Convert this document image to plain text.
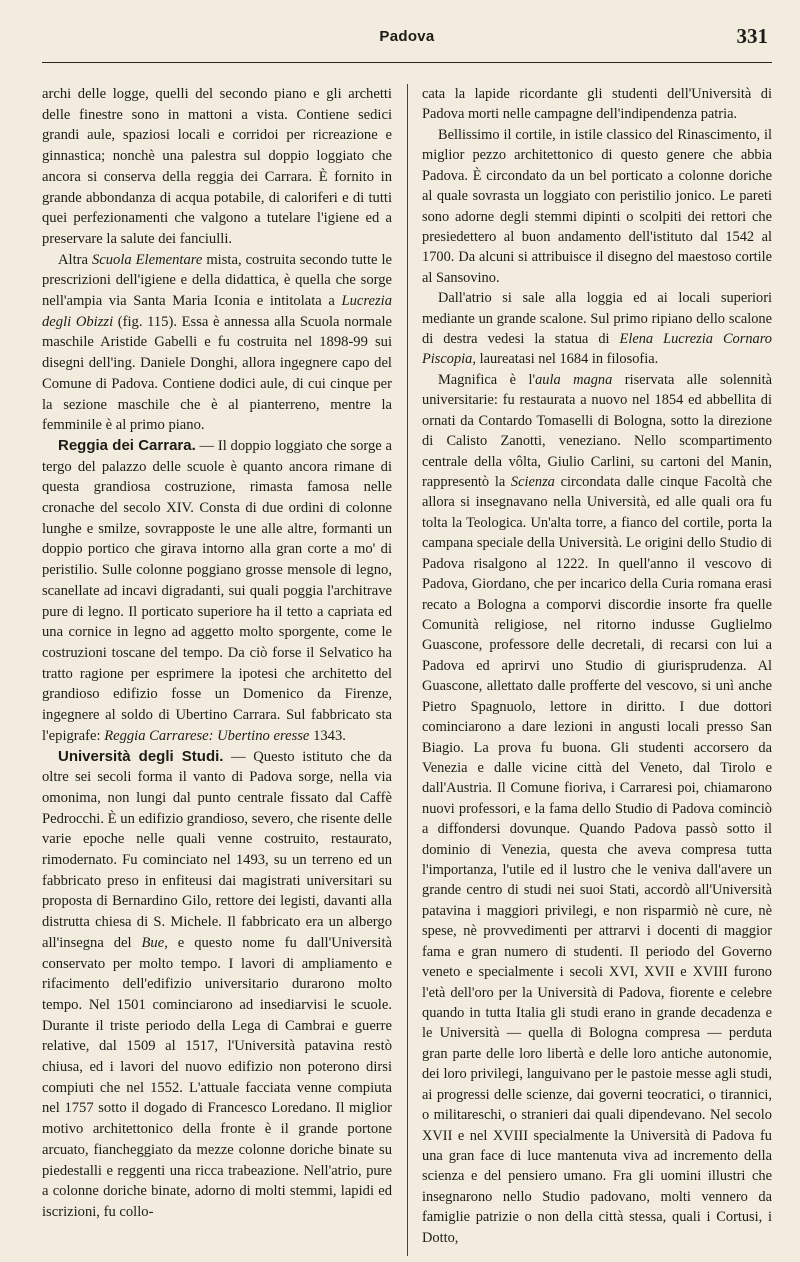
Padova	331

archi delle logge, quelli del secondo piano e gli archetti delle finestre sono in mattoni a vista. Contiene sedici grandi aule, spaziosi locali e corridoi per ricreazione e ginnastica; nonchè una palestra sul doppio loggiato che ancora si conserva della reggia dei Carrara. È fornito in grande abbondanza di acqua potabile, di caloriferi e di tutti quei perfezionamenti che valgono a tutelare l'igiene ed a preservare la salute dei fanciulli.

Altra Scuola Elementare mista, costruita secondo tutte le prescrizioni dell'igiene e della didattica, è quella che sorge nell'ampia via Santa Maria Iconia e intitolata a Lucrezia degli Obizzi (fig. 115). Essa è annessa alla Scuola normale maschile Aristide Gabelli e fu costruita nel 1898-99 sui disegni dell'ing. Daniele Donghi, allora ingegnere capo del Comune di Padova. Contiene dodici aule, di cui cinque per la sezione maschile che è al pianterreno, mentre la femminile è al primo piano.

Reggia dei Carrara. — Il doppio loggiato che sorge a tergo del palazzo delle scuole è quanto ancora rimane di questa grandiosa costruzione, rimasta famosa nelle cronache del secolo XIV. Consta di due ordini di colonne lunghe e smilze, sovrapposte le une alle altre, formanti un doppio portico che girava intorno alla gran corte a mo' di peristilio. Sulle colonne poggiano grosse mensole di legno, scanellate ad incavi digradanti, sui quali poggia l'architrave pure di legno. Il porticato superiore ha il tetto a capriata ed una cornice in legno ad aggetto molto sporgente, come le costruzioni toscane del tempo. Da ciò forse il Selvatico ha tratto ragione per esprimere la ipotesi che architetto del grandioso edifizio fosse un Domenico da Firenze, ingegnere al soldo di Ubertino Carrara. Sul fabbricato sta l'epigrafe: Reggia Carrarese: Ubertino eresse 1343.

Università degli Studi. — Questo istituto che da oltre sei secoli forma il vanto di Padova sorge, nella via omonima, non lungi dal punto centrale fissato dal Caffè Pedrocchi. È un edifizio grandioso, severo, che risente delle varie epoche nelle quali venne costruito, restaurato, rimodernato. Fu cominciato nel 1493, su un terreno ed un fabbricato preso in enfiteusi dai magistrati universitari su proposta di Bernardino Gilo, rettore dei legisti, davanti alla distrutta chiesa di S. Michele. Il fabbricato era un albergo all'insegna del Bue, e questo nome fu dall'Università conservato per molto tempo. I lavori di ampliamento e rifacimento dell'edifizio universitario durarono molto tempo. Nel 1501 cominciarono ad insediarvisi le scuole. Durante il triste periodo della Lega di Cambrai e guerre relative, dal 1509 al 1517, l'Università patavina restò chiusa, ed i lavori del nuovo edifizio non poterono dirsi compiuti che nel 1552. L'attuale facciata venne compiuta nel 1757 sotto il dogado di Francesco Loredano. Il miglior motivo architettonico della fronte è il grande portone arcuato, fiancheggiato da mezze colonne doriche binate su piedestalli e reggenti una ricca trabeazione. Nell'atrio, pure a colonne doriche binate, adorno di molti stemmi, lapidi ed iscrizioni, fu collo-

cata la lapide ricordante gli studenti dell'Università di Padova morti nelle campagne dell'indipendenza patria.

Bellissimo il cortile, in istile classico del Rinascimento, il miglior pezzo architettonico di questo genere che abbia Padova. È circondato da un bel porticato a colonne doriche al quale sovrasta un loggiato con peristilio jonico. Le pareti sono adorne degli stemmi dipinti o scolpiti dei rettori che presiedettero al buon andamento dell'istituto dal 1542 al 1700. Da alcuni si attribuisce il disegno del maestoso cortile al Sansovino.

Dall'atrio si sale alla loggia ed ai locali superiori mediante un grande scalone. Sul primo ripiano dello scalone di destra vedesi la statua di Elena Lucrezia Cornaro Piscopia, laureatasi nel 1684 in filosofia.

Magnifica è l'aula magna riservata alle solennità universitarie: fu restaurata a nuovo nel 1854 ed abbellita di ornati da Contardo Tomaselli di Bologna, sotto la direzione di Calisto Zanotti, veneziano. Nello scompartimento centrale della vôlta, Giulio Carlini, su cartoni del Manin, rappresentò la Scienza circondata dalle cinque Facoltà che allora si insegnavano nella Università, ed alle quali ora fu tolta la Teologica. Un'alta torre, a fianco del cortile, porta la campana speciale della Università. Le origini dello Studio di Padova risalgono al 1222. In quell'anno il vescovo di Padova, Giordano, che per incarico della Curia romana erasi recato a Bologna a comporvi discordie insorte fra quelle Comunità religiose, nel ritorno indusse Guglielmo Guascone, professore delle decretali, di recarsi con lui a Padova ed aprirvi uno Studio di giurisprudenza. Al Guascone, allettato dalle profferte del vescovo, si unì anche Pietro Spagnuolo, lettore in diritto. I due dottori cominciarono a dare lezioni in angusti locali presso San Biagio. La prova fu buona. Gli studenti accorsero da Venezia e dalle vicine città del Veneto, dal Tirolo e dall'Austria. Il Comune fioriva, i Carraresi poi, chiamarono nuovi professori, e la fama dello Studio di Padova cominciò a diffondersi dovunque. Quando Padova passò sotto il dominio di Venezia, questa che aveva compresa tutta l'importanza, l'utile ed il lustro che le veniva dall'avere un grande centro di studi nei suoi Stati, accordò all'Università patavina i maggiori privilegi, e non risparmiò nè cure, nè spese, nè provvedimenti per attrarvi i docenti di maggior fama e gran numero di studenti. Il periodo del Governo veneto e specialmente i secoli XVI, XVII e XVIII furono l'età dell'oro per la Università di Padova, fiorente e celebre quando in tutta Italia gli studi erano in grande decadenza e le Università — quella di Bologna compresa — perduta gran parte delle loro libertà e delle loro antiche autonomie, dei loro privilegi, languivano per le pastoie messe agli studi, ai progressi delle scienze, dai governi teocratici, o tirannici, o militareschi, o stranieri dai quali dipendevano. Nel secolo XVII e nel XVIII specialmente la Università di Padova fu una gran face di luce mantenuta viva ad incremento della scienza e del pensiero umano. Fra gli uomini illustri che insegnarono nello Studio padovano, molti vennero da famiglie patrizie o non della città stessa, quali i Cortusi, i Dotto,
